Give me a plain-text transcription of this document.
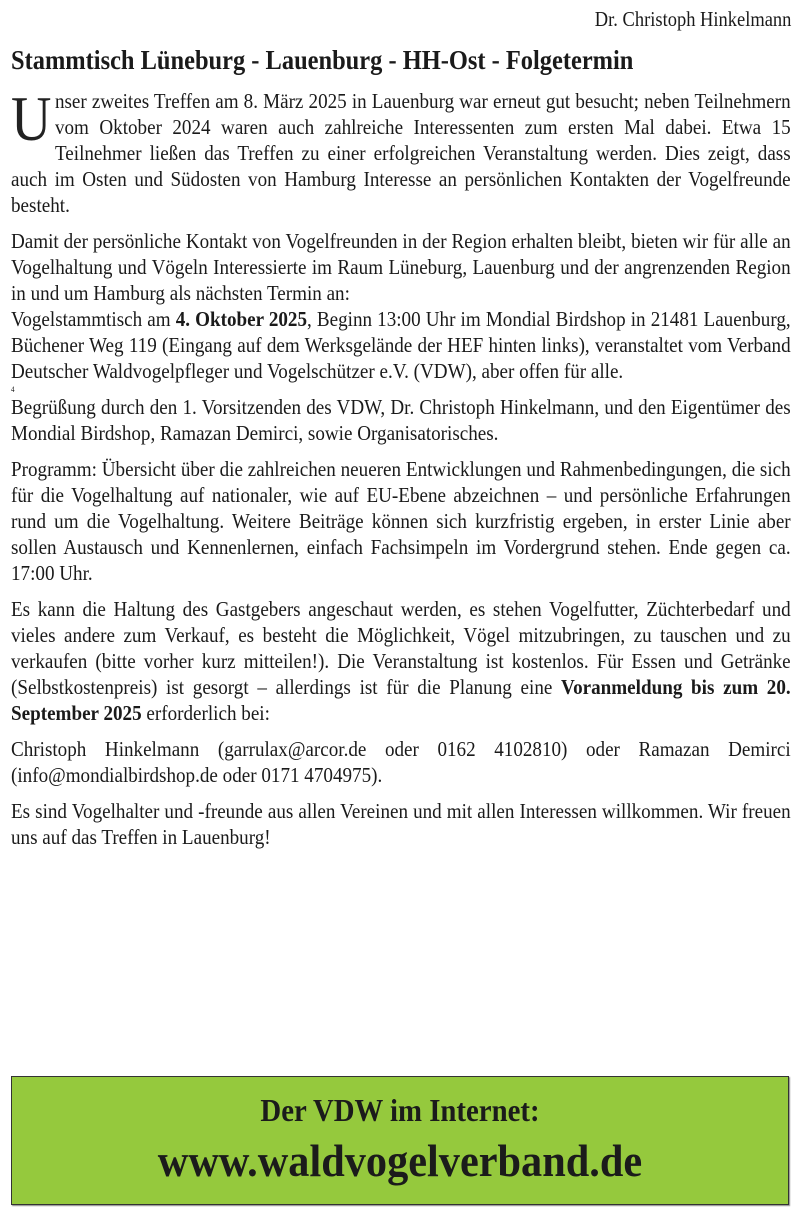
Dr. Christoph Hinkelmann
Stammtisch Lüneburg - Lauenburg - HH-Ost - Folgetermin

Unser zweites Treffen am 8. März 2025 in Lauenburg war erneut gut besucht; neben Teilnehmern vom Oktober 2024 waren auch zahlreiche Interessenten zum ersten Mal dabei. Etwa 15 Teilnehmer ließen das Treffen zu einer erfolgreichen Veranstaltung werden. Dies zeigt, dass auch im Osten und Südosten von Hamburg Interesse an persönlichen Kontakten der Vogelfreunde besteht.

Damit der persönliche Kontakt von Vogelfreunden in der Region erhalten bleibt, bieten wir für alle an Vogelhaltung und Vögeln Interessierte im Raum Lüneburg, Lauenburg und der angrenzenden Region in und um Hamburg als nächsten Termin an:

Vogelstammtisch am 4. Oktober 2025, Beginn 13:00 Uhr im Mondial Birdshop in 21481 Lauenburg, Büchener Weg 119 (Eingang auf dem Werksgelände der HEF hinten links), veranstaltet vom Verband Deutscher Waldvogelpfleger und Vogelschützer e.V. (VDW), aber offen für alle.

4

Begrüßung durch den 1. Vorsitzenden des VDW, Dr. Christoph Hinkelmann, und den Eigentümer des Mondial Birdshop, Ramazan Demirci, sowie Organisatorisches.

Programm: Übersicht über die zahlreichen neueren Entwicklungen und Rahmenbedingungen, die sich für die Vogelhaltung auf nationaler, wie auf EU-Ebene abzeichnen – und persönliche Erfahrungen rund um die Vogelhaltung. Weitere Beiträge können sich kurzfristig ergeben, in erster Linie aber sollen Austausch und Kennenlernen, einfach Fachsimpeln im Vordergrund stehen. Ende gegen ca. 17:00 Uhr.

Es kann die Haltung des Gastgebers angeschaut werden, es stehen Vogelfutter, Züchterbedarf und vieles andere zum Verkauf, es besteht die Möglichkeit, Vögel mitzubringen, zu tauschen und zu verkaufen (bitte vorher kurz mitteilen!). Die Veranstaltung ist kostenlos. Für Essen und Getränke (Selbstkostenpreis) ist gesorgt – allerdings ist für die Planung eine Voranmeldung bis zum 20. September 2025 erforderlich bei:

Christoph Hinkelmann (garrulax@arcor.de oder 0162 4102810) oder Ramazan Demirci (info@mondialbirdshop.de oder 0171 4704975).

Es sind Vogelhalter und -freunde aus allen Vereinen und mit allen Interessen willkommen. Wir freuen uns auf das Treffen in Lauenburg!

Der VDW im Internet:
www.waldvogelverband.de
